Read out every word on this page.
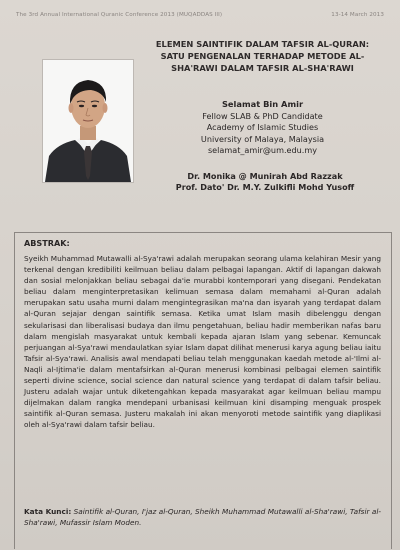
The 3rd Annual International Quranic Conference 2013 (MUQADDAS III)	13-14 March 2013
ELEMEN SAINTIFIK DALAM TAFSIR AL-QURAN:
SATU PENGENALAN TERHADAP METODE AL-
SHA'RAWI DALAM TAFSIR AL-SHA'RAWI
Selamat Bin Amir
Fellow SLAB & PhD Candidate
Academy of Islamic Studies
University of Malaya, Malaysia
selamat_amir@um.edu.my
Dr. Monika @ Munirah Abd Razzak
Prof. Dato' Dr. M.Y. Zulkifli Mohd Yusoff
ABSTRAK:
Syeikh Muhammad Mutawalli al-Sya'rawi adalah merupakan seorang ulama kelahiran Mesir yang terkenal dengan kredibiliti keilmuan beliau dalam pelbagai lapangan. Aktif di lapangan dakwah dan sosial melonjakkan beliau sebagai da'ie murabbi kontemporari yang disegani. Pendekatan beliau dalam menginterpretasikan kelimuan semasa dalam memahami al-Quran adalah merupakan satu usaha murni dalam mengintegrasikan ma'na dan isyarah yang terdapat dalam al-Quran sejajar dengan saintifik semasa. Ketika umat Islam masih dibelenggu dengan sekularisasi dan liberalisasi budaya dan ilmu pengetahuan, beliau hadir memberikan nafas baru dalam mengislah masyarakat untuk kembali kepada ajaran Islam yang sebenar. Kemuncak perjuangan al-Sya'rawi mendaulatkan syiar Islam dapat dilihat menerusi karya agung beliau iaitu Tafsir al-Sya'rawi. Analisis awal mendapati beliau telah menggunakan kaedah metode al-'Ilmi al-Naqli al-Ijtima'ie dalam mentafsirkan al-Quran menerusi kombinasi pelbagai elemen saintifik seperti divine science, social science dan natural science yang terdapat di dalam tafsir beliau. Justeru adalah wajar untuk diketengahkan kepada masyarakat agar keilmuan beliau mampu dijelmakan dalam rangka mendepani urbanisasi keilmuan kini disamping menguak prospek saintifik al-Quran semasa. Justeru makalah ini akan menyoroti metode saintifik yang diaplikasi oleh al-Sya'rawi dalam tafsir beliau.
Kata Kunci: Saintifik al-Quran, I'jaz al-Quran, Sheikh Muhammad Mutawalli al-Sha'rawi, Tafsir al-Sha'rawi, Mufassir Islam Moden.
